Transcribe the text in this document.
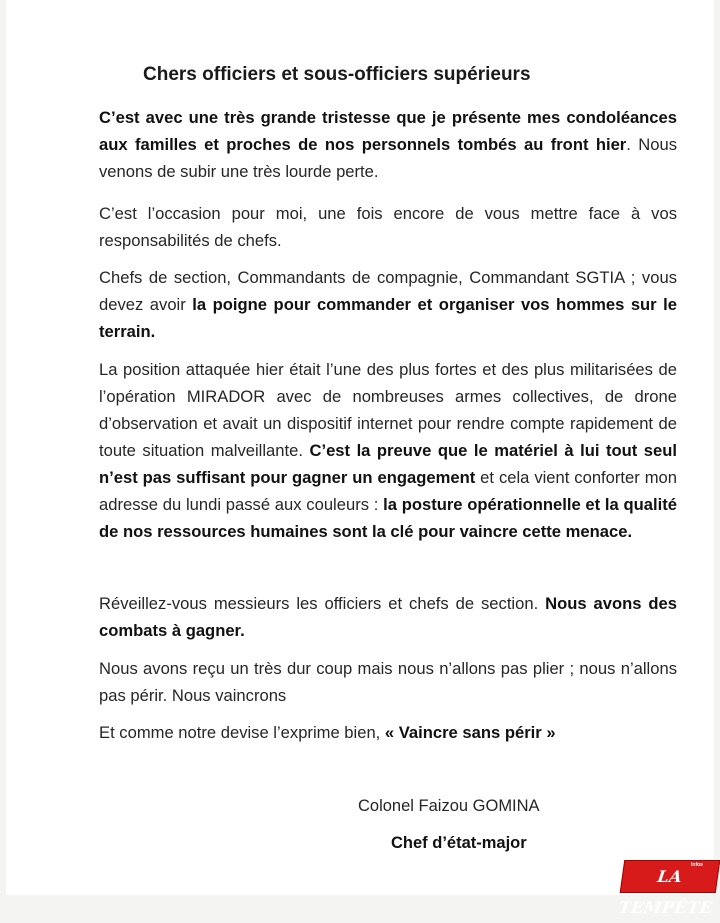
Chers officiers et sous-officiers supérieurs
C’est avec une très grande tristesse que je présente mes condoléances aux familles et proches de nos personnels tombés au front hier. Nous venons de subir une très lourde perte.
C’est l’occasion pour moi, une fois encore de vous mettre face à vos responsabilités de chefs.
Chefs de section, Commandants de compagnie, Commandant SGTIA ; vous devez avoir la poigne pour commander et organiser vos hommes sur le terrain.
La position attaquée hier était l’une des plus fortes et des plus militarisées de l’opération MIRADOR avec de nombreuses armes collectives, de drone d’observation et avait un dispositif internet pour rendre compte rapidement de toute situation malveillante. C’est la preuve que le matériel à lui tout seul n’est pas suffisant pour gagner un engagement et cela vient conforter mon adresse du lundi passé aux couleurs : la posture opérationnelle et la qualité de nos ressources humaines sont la clé pour vaincre cette menace.
Réveillez-vous messieurs les officiers et chefs de section. Nous avons des combats à gagner.
Nous avons reçu un très dur coup mais nous n’allons pas plier ; nous n’allons pas périr. Nous vaincrons
Et comme notre devise l’exprime bien, « Vaincre sans périr »
Colonel Faizou GOMINA
Chef d’état-major
LA TEMPÊTE
Infos
